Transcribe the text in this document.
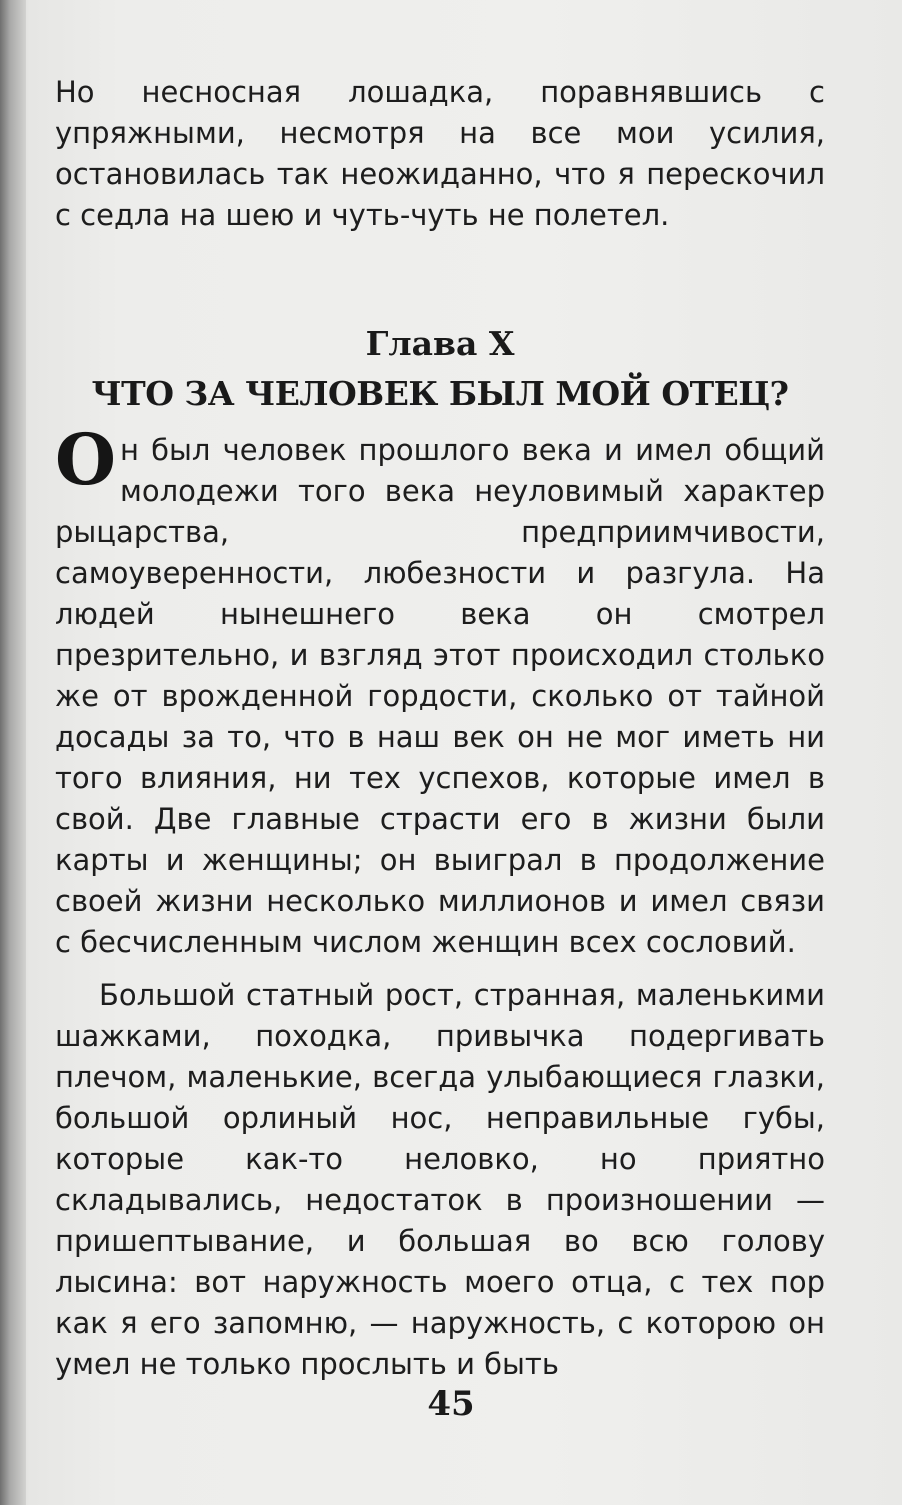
Но несносная лошадка, поравнявшись с упряжными, несмотря на все мои усилия, остановилась так неожиданно, что я перескочил с седла на шею и чуть-чуть не полетел.

Глава X
ЧТО ЗА ЧЕЛОВЕК БЫЛ МОЙ ОТЕЦ?

Он был человек прошлого века и имел общий молодежи того века неуловимый характер рыцарства, предприимчивости, самоуверенности, любезности и разгула. На людей нынешнего века он смотрел презрительно, и взгляд этот происходил столько же от врожденной гордости, сколько от тайной досады за то, что в наш век он не мог иметь ни того влияния, ни тех успехов, которые имел в свой. Две главные страсти его в жизни были карты и женщины; он выиграл в продолжение своей жизни несколько миллионов и имел связи с бесчисленным числом женщин всех сословий.

Большой статный рост, странная, маленькими шажками, походка, привычка подергивать плечом, маленькие, всегда улыбающиеся глазки, большой орлиный нос, неправильные губы, которые как-то неловко, но приятно складывались, недостаток в произношении — пришептывание, и большая во всю голову лысина: вот наружность моего отца, с тех пор как я его запомню, — наружность, с которою он умел не только прослыть и быть

45
